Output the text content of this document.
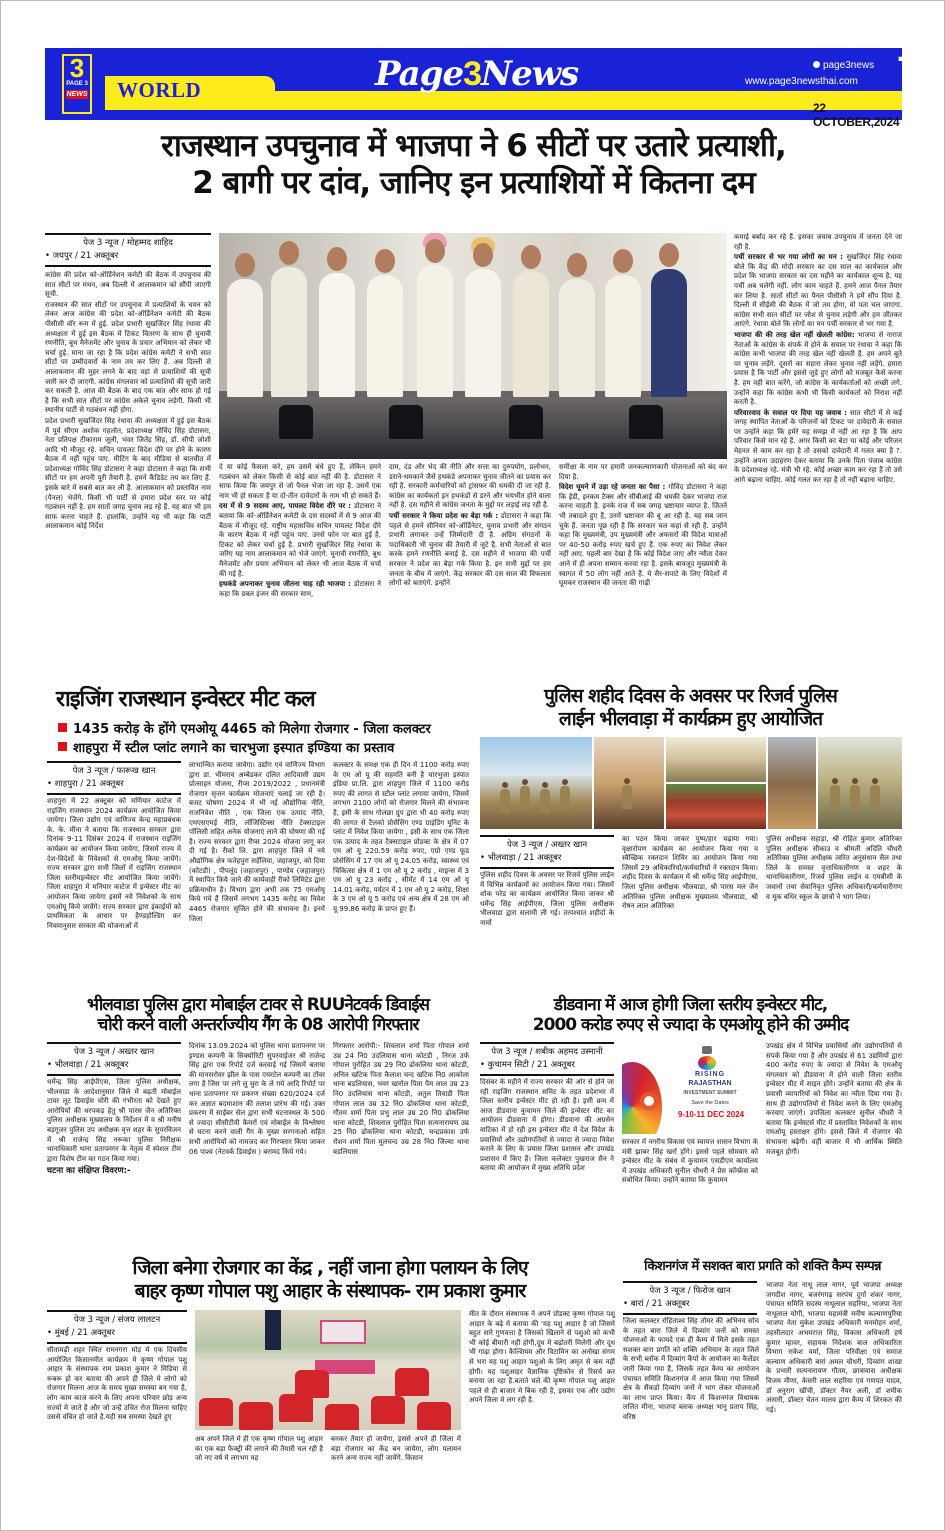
3
PAGE 3
NEWS WORLD	Page3News	page3news
www.page3newsthai.com 7
22 OCTOBER,2024
राजस्थान उपचुनाव में भाजपा ने 6 सीटों पर उतारे प्रत्याशी,
2 बागी पर दांव, जानिए इन प्रत्याशियों में कितना दम
पेज 3 न्यूज / मोहम्मद शाहिद
• जयपुर / 21 अक्तूबर

कांग्रेस की प्रदेश को-ऑर्डिनेशन कमेटी की बैठक में उपचुनाव की सात सीटों पर मंथन, अब दिल्ली में आलाकमान को सौंपी जाएगी सूची.

राजस्थान की सात सीटों पर उपचुनाव में प्रत्याशियों के चयन को लेकर आज कांग्रेस की प्रदेश को-ऑर्डिनेशन कमेटी की बैठक पीसीसी वॉर रूम में हुई. प्रदेश प्रभारी सुखजिंदर सिंह रंधावा की अध्यक्षता में हुई इस बैठक में टिकट वितरण के साथ ही चुनावी रणनीति, बूथ मैनेजमेंट और चुनाव के प्रचार अभियान को लेकर भी चर्चा हुई. माना जा रहा है कि प्रदेश कांग्रेस कमेटी ने सभी सात सीटों पर उम्मीदवारों के नाम तय कर लिए हैं. अब दिल्ली से आलाकमान की मुहर लगने के बाद वहां से प्रत्याशियों की सूची जारी कर दी जाएगी. कांग्रेस मंगलवार को प्रत्याशियों की सूची जारी कर सकती है. आज की बैठक के बाद एक बात और साफ हो गई है कि सभी सात सीटों पर कांग्रेस अकेले चुनाव लड़ेगी. किसी भी स्थानीय पार्टी से गठबंधन नहीं होगा.

प्रदेश प्रभारी सुखजिंदर सिंह रंधावा की अध्यक्षता में हुई इस बैठक में पूर्व सीएम अशोक गहलोत, प्रदेशाध्यक्ष गोविंद सिंह डोटासरा, नेता प्रतिपक्ष टीकाराम जूली, भंवर जितेंद्र सिंह, डॉ. सीपी जोशी आदि भी मौजूद रहे. सचिन पायलट विदेश दौरे पर होने के कारण बैठक में नहीं पहुंच पाए. मीटिंग के बाद मीडिया से बातचीत में प्रदेशाध्यक्ष गोविंद सिंह डोटासरा ने कहा डोटासरा ने कहा कि सभी सीटों पर हम अपनी पूरी तैयारी है. हमने कैंडिडेट तय कर लिए हैं. इसके बारे में सबसे बात कर ली है. आलाकमान को प्रस्तावित नाम (पैनल) भेजेंगे. किसी भी पार्टी से हमारा प्रदेश स्तर पर कोई गठबंधन नहीं है. हम सातों जगह चुनाव लड़ रहे हैं. यह बात भी हम साफ करना चाहते हैं. हालांकि, उन्होंने यह भी कहा कि पार्टी आलाकमान कोई निर्देश

दे या कोई फैसला करे, हम उसमें बंधे हुए हैं, लेकिन हमने गठबंधन को लेकर किसी से कोई बात नहीं की है. डोटासरा ने साफ किया कि जयपुर से जो पैनल भेजा जा रहा है. उसमें एक नाम भी हो सकता है या दो-तीन दावेदारों के नाम भी हो सकते हैं।

दस में से 9 सदस्य आए, पायलट विदेश दौरे पर : डोटासरा ने बताया कि को-ऑर्डिनेशन कमेटी के दस सदस्यों में से 9 आज की बैठक में मौजूद रहे. राष्ट्रीय महासचिव सचिन पायलट विदेश दौरे के कारण बैठक में नहीं पहुंच पाए. उनसे फोन पर बात हुई है. टिकट को लेकर चर्चा हुई है. प्रभारी सुखजिंदर सिंह रंधावा के जरिए यह नाम आलाकमान को भेजे जाएंगे. चुनावी रणनीति, बूथ मैनेजमेंट और प्रचार अभियान को लेकर भी आज बैठक में चर्चा की गई है.

हथकंडे अपनाकर चुनाव जीतना चाह रही भाजपा : डोटासरा ने कहा कि डबल इंजन की सरकार साम,

दाम, दंड और भेद की नीति और सत्ता का दुरुपयोग, प्रलोभन, डराने-धमकाने जैसे हथकंडे अपनाकर चुनाव जीतने का प्रयास कर रही है. सरकारी कर्मचारियों को ट्रांसफर की धमकी दी जा रही है. कांग्रेस का कार्यकर्ता इन हथकंडों से डरने और भयभीत होने वाला नहीं है. दस महीने से कांग्रेस जनता के मुद्दों पर लड़ाई लड़ रही है.

पर्ची सरकार ने किया प्रदेश का बेड़ा गर्क : डोटासरा ने कहा कि पहले से हमने सीनियर को-ऑर्डिनेटर, चुनाव प्रभारी और संगठन प्रभारी लगाकर उन्हें जिम्मेदारी दी है. अग्रिम संगठनों के पदाधिकारी भी चुनाव की तैयारी में जुटे हैं. सभी नेताओं से बात करके हमने रणनीति बनाई है. दस महीने में भाजपा की पर्ची सरकार ने प्रदेश का बेड़ा गर्क किया है. इन सभी मुद्दों पर हम जनता के बीच में जाएंगे. केंद्र सरकार की दस साल की विफलता लोगों को बताएंगे. इन्होंने

समीक्षा के नाम पर हमारी जनकल्याणकारी योजनाओं को बंद कर दिया है.

विदेश घूमने में उड़ा रहे जनता का पैसा : गोविंद डोटासरा ने कहा कि ईडी, इनकम टैक्स और सीबीआई की धमकी देकर भाजपा राज करना चाहती है. इनके राज में सब जगह भ्रष्टाचार व्याप्त है. जितने भी तबादले हुए हैं, उनमें भ्रष्टाचार की बू आ रही है. यह सब जान चुके हैं. जनता पूछ रही है कि सरकार चल कहां से रही है. उन्होंने कहा कि मुख्यमंत्री, उप मुख्यमंत्री और अफसरों की विदेश यात्राओं पर 40-50 करोड़ रुपए खर्च हुए हैं. एक रुपए का निवेश लेकर नहीं आए. पहली बार देखा है कि कोई विदेश जाए और न्यौता देकर आने में ही अपना सम्मान करवा रहा है. इसके बावजूद मुख्यमंत्री के स्वागत में 50 लोग नहीं आते हैं. ये सैर-सपाटे के लिए विदेशों में घूमकर राजस्थान की जनता की गाढ़ी

कमाई बर्बाद कर रहे हैं. इसका जवाब उपचुनाव में जनता देने जा रही है.

पर्ची सरकार से भर गया लोगों का मन : सुखजिंदर सिंह रंधावा बोले कि केंद्र की मोदी सरकार का दस साल का कार्यकाल और प्रदेश कि भाजपा सरकार का दस महीने का कार्यकाल शून्य है. यह पर्ची अब चलेगी नहीं. लोग काम चाहते हैं. हमने आज पैनल तैयार कर लिया है. सातों सीटों का पैनल पीसीसी ने हमें सौंप दिया है. दिल्ली में सीईसी की बैठक में जो तय होगा, वो पता चल जाएगा. कांग्रेस सभी सात सीटों पर जोश से चुनाव लड़ेगी और हम जीतकर आएंगे. रंधावा बोले कि लोगों का मन पर्ची सरकार से भर गया है.

भाजपा की की तरह खेल नहीं खेलती कांग्रेस: भाजपा से नाराज नेताओं के कांग्रेस के संपर्क में होने के सवाल पर रंधावा ने कहा कि कांग्रेस कभी भाजपा की तरह खेल नहीं खेलती है. हम अपने बूते पर चुनाव लड़ेंगे. दूसरों का सहारा लेकर चुनाव नहीं लड़ेंगे. हमारा प्रयास है कि पार्टी और इससे जुड़े हुए लोगों को मजबूत कैसे करना है. हम वही बात करेंगे, जो कांग्रेस के कार्यकर्ताओं को अच्छी लगे. उन्होंने कहा कि कांग्रेस कभी भी किसी कार्यकर्ता को निराश नहीं करती है.

परिवारवाद के सवाल पर दिया यह जवाब : सात सीटों में से कई जगह स्थापित नेताओं के परिजनों को टिकट पर दावेदारी के सवाल पर उन्होंने कहा कि हमेरे यह समझ में नहीं आ रहा है कि आप परिवार किसे मान रहे हैं. अगर किसी का बेटा या कोई और परिजन मेहनत से काम कर रहा है तो उसको दावेदारी में गलत क्या है ?. उन्होंने अपना उदाहरण देकर बताया कि उनके पिता पंजाब कांग्रेस के प्रदेशाध्यक्ष रहे. मंत्री भी रहे. कोई अच्छा काम कर रहा है तो उसे आगे बढ़ाना चाहिए. कोई गलत कर रहा है तो नहीं बढ़ाना चाहिए.

राइजिंग राजस्थान इन्वेस्टर मीट कल
1435 करोड़ के होंगे एमओयू 4465 को मिलेगा रोजगार - जिला कलक्टर
शाहपुरा में स्टील प्लांट लगाने का चारभुजा इस्पात इण्डिया का प्रस्ताव
पेज 3 न्यूज / फारूख खान
• शाहपुरा / 21 अक्तूबर
शाहपुरा में 22 अक्टूबर को मणियार काटेज में राइजिंग राजस्थान 2024 कार्यक्रम आयोजित किया जायेगा। जिला उद्योग एवं वाणिज्य केन्द्र महाप्रबंधक के. के. मीना ने बताया कि राजस्थान सरकार द्वारा दिनांक 9-11 दिसंबर 2024 में राजस्थान राइजिंग कार्यक्रम का आयोजन किया जायेगा, जिसमें राज्य में देश-विदेशों के निवेशकों से एमओयू किया जायेंगे। राज्य सरकार द्वारा सभी जिलों में राइजिंग राजस्थान जिला स्तरीयइन्वेस्टर मीट आयोजित किया जावेंगे। जिला शाहपुरा मे मनियार काटेज में इन्वेस्टर मीट का आयोजन किया जायेगा इसमें नये निवेशको के साथ एमओयू किये जावेंगे। राज्य सरकार द्वारा इंकाईयों को प्राथमिकता के आधार पर हैण्डहोल्डिंग कर नियमानुसार सरकार की योजनाओं में
लाभान्वित कराया जावेगा। उद्योग एवं वाणिज्य विभाग द्वारा डा. भीमराव अम्बेडकर दलित आदिवासी उद्यम प्रोत्साहन योजना, रीप्स 2019/2022 , प्रधानमंत्री रोजगार सृजन कार्यक्रम योजनाएं चलाई जा रही है। बजट घोषणा 2024 में भी नई औद्योगिक नीति, राजनिवेश नीति , एक जिला एक उत्पाद नीति, एमएसएमई नीति, लॉजिस्टिक्स नीति टेक्सटाइल पॉलिसी सहित अनेक योजनाएं लाने की घोषणा की गई है। राज्य सरकार द्वारा रीप्स 2024 योजना लागू कर दी गई है। रीको लि. द्वारा शाहपुरा जिले में नये औद्योगिक क्षेत्र फतेहपुरा सहॅलिया, जहाजपुर, को दिया (कोटडी) , पीपलूंद (जहाजपुर) , पाण्डेय (जहाजपुर) में स्थापित किये जाने की कार्यवाही रीको लिमिटेड द्वारा प्रक्रियाधीन है। विभाग द्वारा अभी तक 75 एमओयू किये गये हैं जिसमें लगभग 1435 करोड़ का निवेश 4465 रोजगार सृजित होने की संभावना है। इनमें जिला
कलक्टर के समक्ष एक ही दिन में 1100 करोड़ रुपए के एम ओ यू की सहमति बनी है चारभुजा इस्पात इंडिया प्रा.लि. द्वारा शाहपुरा जिले में 1100 करोड़ रुपए की लागत से स्टील प्लांट लगाया जायेगा, जिसमें लगभग 2100 लोगों को रोजगार मिलने की संभावना है, इसी के साथ गोलछा ग्रुप द्वारा भी 40 करोड़ रुपए की लागत से टैलको प्रोसेसिंग एण्ड ग्राइंडिंग यूनिट के प्लांट में निवेश किया जायेगा , इसी के साथ एक जिला एक उत्पाद के तहत टैक्सटाइल प्रोडक्ट के क्षेत्र में 07 एम ओ यू 220.59 करोड़ रुपए, एग्रो एण्ड फूड प्रोसेसिंग में 17 एम ओ यू 24.05 करोड़, स्वास्थ्य एवं चिकित्सा क्षेत्र में 1 एम ओ यू 2 करोड़ , माइन्स में 3 एम ओ यू 23 करोड़ , सीमेंट में 14 एम ओ यू 14.01 करोड़, पर्यटन में 1 एम ओ यू 2 करोड़, शिक्षा के 3 एम ओ यू 5 करोड़ एवं अन्य क्षेत्र में 28 एम ओ यू 99.86 करोड़ के प्राप्त हुए हैं।
पुलिस शहीद दिवस के अवसर पर रिजर्व पुलिस
लाईन भीलवाड़ा में कार्यक्रम हुए आयोजित
पेज 3 न्यूज / अख्तर खान
• भीलवाड़ा / 21 अक्तूबर
पुलिस शहीद दिवस के अवसर पर रिजर्व पुलिस लाईन में विभिन्न कार्यक्रमों का आयोजन किया गया। जिसमें शोक परेड का कार्यक्रम आयोजित किया जाकर श्री धर्मेन्द्र सिंह आईपीएस, जिला पुलिस अधीक्षक भीलवाडा द्वारा सलामी ली गई। तत्पश्चात शहीदों के नामों
का पठन किया जाकर पुष्प/हार चढ़ाया गया। वृक्षारोपण कार्यक्रम का आयोजन किया गया व स्वैच्छिक रक्तदान शिविर का आयोजन किया गया जिसमें 29 अधिकारियों/कर्मचारियों ने रक्तदान किया। शहीद दिवस के कार्यक्रम में श्री धर्मेन्द्र सिंह आईपीएस, जिला पुलिस अधीक्षक भीलवाडा, श्री पारस मल जैन अतिरिक्त पुलिस अधीक्षक मुख्यालय भीलवाडा, श्री रोषन लाल अतिरिक्त
पुलिस अधीक्षक सहाड़ा, श्री रोहित कुमार अतिरिक्त पुलिस अधीक्षक सीकाउ व श्रीमती अदिति चौधरी अतिरिक्त पुलिस अधीक्षक त्वरित अनुसंधान सैल तथा जिले के समस्त वृत्ताधिकारीगण व शहर के थानाधिकारीगण, रिजर्व पुलिस लाईन व एमबीसी के जवानों तथा सेवानिवृत पुलिस अधिकारी/कर्मचारीगण व मूक बधिर स्कूल के छात्रों ने भाग लिया।
भीलवाडा पुलिस द्वारा मोबाईल टावर से RUUनेटवर्क डिवाईस
चोरी करने वाली अन्तर्राज्यीय गैंग के 08 आरोपी गिरफ्तार
पेज 3 न्यूज / अख्तर खान
• भीलवाड़ा / 21 अक्तूबर

धर्मेन्द्र सिंह आईपीएस, जिला पुलिस अधीक्षक, भीलवाडा के आदेशानुसार जिले में बढ़ती मोबाईल टावर लूट डिवाईस चोरी की गंभीरता को देखते हुए आरोपियों की धरपकड़ हेतु श्री पारस जैन अतिरिक्त पुलिस अधीक्षक मुख्यालय के निर्देशन में व श्री मनीष बड़गूजर पुलिस उप अधीक्षक वृत्त शहर के सुपरविजन में श्री राजेन्द्र सिंह नरूका पुलिस निरीक्षक थानाधिकारी थाना प्रतापनगर के नेतृत्व में स्पेशल टीम द्वारा विशेष टीम का गठन किया गया।

घटना का संक्षिप्त विवरण:-

दिनांक 13.09.2024 को पुलिस थाना प्रतापनगर पर इण्डस कम्पनी के सिक्योरिटी सुपरवाईजर श्री राजेन्द्र सिंह द्वारा एक रिपोर्ट दर्ज करवाई गई जिसमें बताया की मानसरोवर झील के पास एयरटेल कम्पनी का टॉवर लगा है जिस पर लगे लू चुरा के ले गये आदि रिपोर्ट पर थाना प्रतापनगर पर प्रकरण संख्या 620/2024 दर्ज कर अज्ञात बदमाशान की तलाश प्रारंभ की गई। उक्त प्रकरण में साईबर सेल द्वारा सभी घटनास्थल के 500 से ज्यादा सीसीटीवी कैमरों एवं मोबाईल के विश्लेषण से घटना करने वाली गैंग के मुख्य सरगनाओ सहित सभी आरोपियों को नामजद कर गिरफ्तार किया जाकर 06 पाश्व (नेटवर्क डिवाईस ) बरामद किये गये।
गिरफ्तार आरोपी:- शिवलाल शर्मा पिता गोपाल शर्मा उम्र 24 नि0 उदलियास थाना कोटडी , निरज उर्फ गोपाल पुरोहित उम्र 29 नि0 ढोकलिया थाना कोटडी, अनिल खटिक पिता कैलाश चन्द खटिक नि0 आकोला थाना बडलियास, भवर खारोल पिता पैम लाल उम्र 23 नि0 उदलियास थाना कोटडी, अतुल तिवाडी पिता गोपाल लाल उम्र 32 नि0 ढोकलिया थाना कोटडी, गौतम शर्मा पिता प्रभु लाल उम्र 20 नि0 ढोकलिया थाना कोटडी, शिवलाल पुरोहित पिता सत्यनारायण उम्र 25 नि0 ढोकलिया थाना कोटडी, चन्द्रप्रकाश उर्फ रोशन शर्मा पिता मूलचन्द उम्र 28 नि0 जिल्या थाना बडलियास
डीडवाना में आज होगी जिला स्तरीय इन्वेस्टर मीट,
2000 करोड रुपए से ज्यादा के एमओयू होने की उम्मीद
पेज 3 न्यूज / शबीक अहमद उस्मानी
• कुचामन सिटी / 21 अक्तूबर
दिसंबर के महीने में राज्य सरकार की ओर से होने जा रही राइजिंग राजस्थान समिट के तहत प्रदेशभर में जिला स्तरीय इन्वेस्टर मीट हो रही है। इसी क्रम में आज डीडवाना कुचामन जिले की इन्वेस्टर मीट का आयोजन डीडवाना में होगा। डीडवाना की अग्रसेन वाटिका में हो रही इस इन्वेस्टर मीट में देश विदेश के प्रवासियों और उद्योगपतियों से ज्यादा से ज्यादा निवेश कराने के लिए के प्रयास जिला प्रशासन और उपखंड प्रशासन में किए हैं। जिला कलेक्टर पुखराज सैन ने बताया की आयोजन में मुख्य अतिथि प्रदेश
RISING
RAJASTHAN
INVESTMENT SUMMIT
Save the Dates
9-10-11 DEC 2024
सरकार में नगरीय विकास एवं स्वायत्त शासन विभाग के मंत्री झाबर सिंह खर्रा होंगे। इससे पहले सोमवार को इन्वेस्टर मीट के संबंध में कुचामन एसडीएम कार्यालय में उपखंड अधिकारी सुनील चौधरी ने प्रेस कॉन्फ्रेंस को संबोधित किया। उन्होंने बताया कि कुचामन
उपखंड क्षेत्र में विभिन्न प्रवासियों और उद्योगपतियों से संपर्क किया गया है और उपखंड से 61 उद्यमियों द्वारा 400 करोड रुपए के ज्यादा से निवेश के एमओयू मंगलवार को डीडवाना में होने वाली जिला स्तरीय इन्वेस्टर मीट में साइन होंगे। उन्होंने बताया की क्षेत्र के प्रवासी व्यापारियों को निवेश का न्यौता दिया गया है। साथ ही उद्योगपतियों से निवेश करने के लिए एमओयू करवाए जाएंगे। उपजिला कलक्टर सुनील चौधरी ने बताया कि इन्वेस्टर्स मीट में प्रस्तावित निवेशकों के साथ एमओयू हस्ताक्षर होंगे। इससे जिले में रोजगार की संभावना बढ़ेगी। वहीं बाजार में भी आर्थिक स्थिति मजबूत होगी।
जिला बनेगा रोजगार का केंद्र , नहीं जाना होगा पलायन के लिए
बाहर कृष्ण गोपाल पशु आहार के संस्थापक- राम प्रकाश कुमार
पेज 3 न्यूज / संजय लालटन
• मुंबई / 21 अक्तूबर
सीतामढ़ी शहर स्थित रामनगरा मोड़ मे एक दिवसीय आयोजित किसानमीत कार्यक्रम मे कृष्ण गोपाल पशु आहार के संस्थापक राम प्रकाश कुमार ने मिडिया से रूबरू हो कर बताया की अपने ही जिले मे लोगो को रोजगार मिलना आज के समय मुख्य समस्या बन गया है, लोग काम काज करने के लिए अपना परिवार छोड़ अन्य राज्यों मे जाते है और जो उन्हें उचित रोज मिलना चाहिए उससे वंचित हो जाते है.यही सब समस्या देखते हुए
अब अपने जिले मे ही एक कृष्ण गोपाल पशु आहार का एक बड़ा फैक्ट्री की लगाने की तैयारी चल रही है जो नए वर्ष मे लगभग यह
बनकर तैयार हो जायेगा, इससे अपने ही जिला मे बड़ा रोजगार का केंद्र बन जायेगा, लोग पलायन करने अन्य राज्य नहीं जायेंगे. किसान
मीत के दौरान संस्थापक ने अपने प्रोडक्ट कृष्ण गोपाल पशु आहार के बढ़े मे बताया की 'यह पशु आहार है जो जिसमे बहुत सारे गुणवत्ता है जिसको खिलाने से पशुओ को कभी भी कोई बीमारी नहीं होगी,दूध मे बढ़ोतरी मिलेगी और दूध भी गाढ़ा होगा। कैल्शियम और विटामिन का अनोखा संगम से भरा यह पशु आहार पशुओ के लिए अमृत से कम नहीं होगी। यह पशुआहर वैज्ञानिक दृष्टिकोन से रिसर्च कर बनाया जा रहा है.बताते चले की कृष्ण गोपाल पशु आहार पहले से ही बाजार मे बिक रही है, इसका एक और उद्योग अपने जिला मे लग रही है.
किशनगंज में सशक्त बारा प्रगति को शक्ति कैम्प सम्पन्न
पेज 3 न्यूज / फिरोज खान
• बारां / 21 अक्तूबर
जिला कलक्टर रोहिताश्व सिंह तोमर की अभिनव सोच के तहत बारा जिले में दिव्यांग जनों को समस्त योजनाओं के फायदे एक ही कैम्प में मिले इसके तहत सशक्त बारा प्रगति को शक्ति अभियान के तहत जिले के सभी ब्लॉक में दिव्यांग कैंपो के आयोजन का कैलेंडर जारी किया गया हैं, जिसके तहत कैम्प का आयोजन पंचायत समिति किशनगंज में आज किया गया जिसमें क्षेत्र के सैंकडो दिव्यांग जनों ने भाग लेकर योजनाओं का लाभ प्राप्त किया। कैंप में किशनगंज विधायक ललित मीना, भाजपा ब्लाक अध्यक्ष भानु प्रताप सिंह, वरिष्ठ
भाजपा नेता नाथू लाल नागर, पूर्व भाजपा अध्यक्ष जगदीश नागर, बजरंगगढ़ सरपंच दुर्गा शंकर नागर, पंचायत समिति सदस्य नाथूलाल सहरिया, भाजपा नेता नाथूलाल योगी, भाजपा महामंत्री मनीष कल्याणपुरिया भाजपा नेता मुकेश उपखंड अधिकारी मनमोहन शर्मा, तहसीलदार अभयराज सिंह, विकास अधिकारी हर्ष कुमार म्हावर, सहायक निदेशक बाल अधिकारिता विभाग राकेश वर्मा, जिला परिवीक्षा एवं समाज कल्याण अधिकारी बारां अमल चौधरी, दिव्यांग शाखा के प्रभारी सत्यनारायण गौतम, छात्रावास अधीक्षक विजय मीणा, केसरी लाल सहरिया एवं गणपत यादव, डॉ अनुराग खींची, डॉक्टर नैयर अली, डॉ शमीक अंसारी, डॉक्टर चेतन मालव द्वारा कैम्प में शिरकत की गई।
